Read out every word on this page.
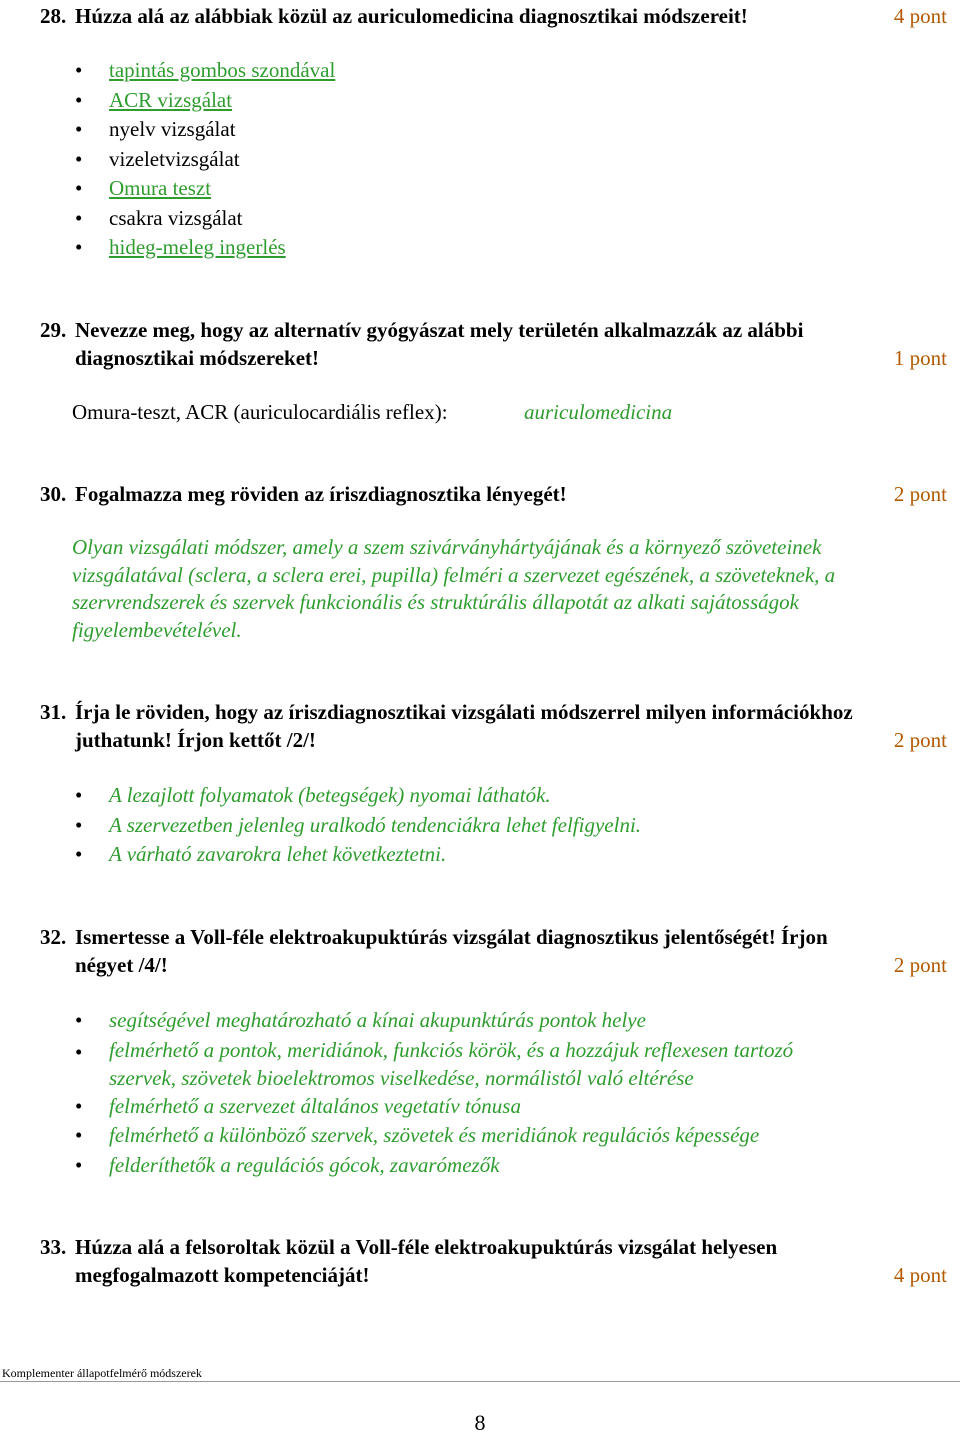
28. Húzza alá az alábbiak közül az auriculomedicina diagnosztikai módszereit!	4 pont
• tapintás gombos szondával
• ACR vizsgálat
• nyelv vizsgálat
• vizeletvizsgálat
• Omura teszt
• csakra vizsgálat
• hideg-meleg ingerlés
29. Nevezze meg, hogy az alternatív gyógyászat mely területén alkalmazzák az alábbi
diagnosztikai módszereket!	1 pont
Omura-teszt, ACR (auriculocardiális reflex):	auriculomedicina
30. Fogalmazza meg röviden az íriszdiagnosztika lényegét!	2 pont
Olyan vizsgálati módszer, amely a szem szivárványhártyájának és a környező szöveteinek
vizsgálatával (sclera, a sclera erei, pupilla) felméri a szervezet egészének, a szöveteknek, a
szervrendszerek és szervek funkcionális és struktúrális állapotát az alkati sajátosságok
figyelembevételével.
31. Írja le röviden, hogy az íriszdiagnosztikai vizsgálati módszerrel milyen információkhoz
juthatunk! Írjon kettőt /2/!	2 pont
• A lezajlott folyamatok (betegségek) nyomai láthatók.
• A szervezetben jelenleg uralkodó tendenciákra lehet felfigyelni.
• A várható zavarokra lehet következtetni.
32. Ismertesse a Voll-féle elektroakupuktúrás vizsgálat diagnosztikus jelentőségét! Írjon
négyet /4/!	2 pont
• segítségével meghatározható a kínai akupunktúrás pontok helye
• felmérhető a pontok, meridiánok, funkciós körök, és a hozzájuk reflexesen tartozó
szervek, szövetek bioelektromos viselkedése, normálistól való eltérése
• felmérhető a szervezet általános vegetatív tónusa
• felmérhető a különböző szervek, szövetek és meridiánok regulációs képessége
• felderíthetők a regulációs gócok, zavarómezők
33. Húzza alá a felsoroltak közül a Voll-féle elektroakupuktúrás vizsgálat helyesen
megfogalmazott kompetenciáját!	4 pont
Komplementer állapotfelmérő módszerek
8
